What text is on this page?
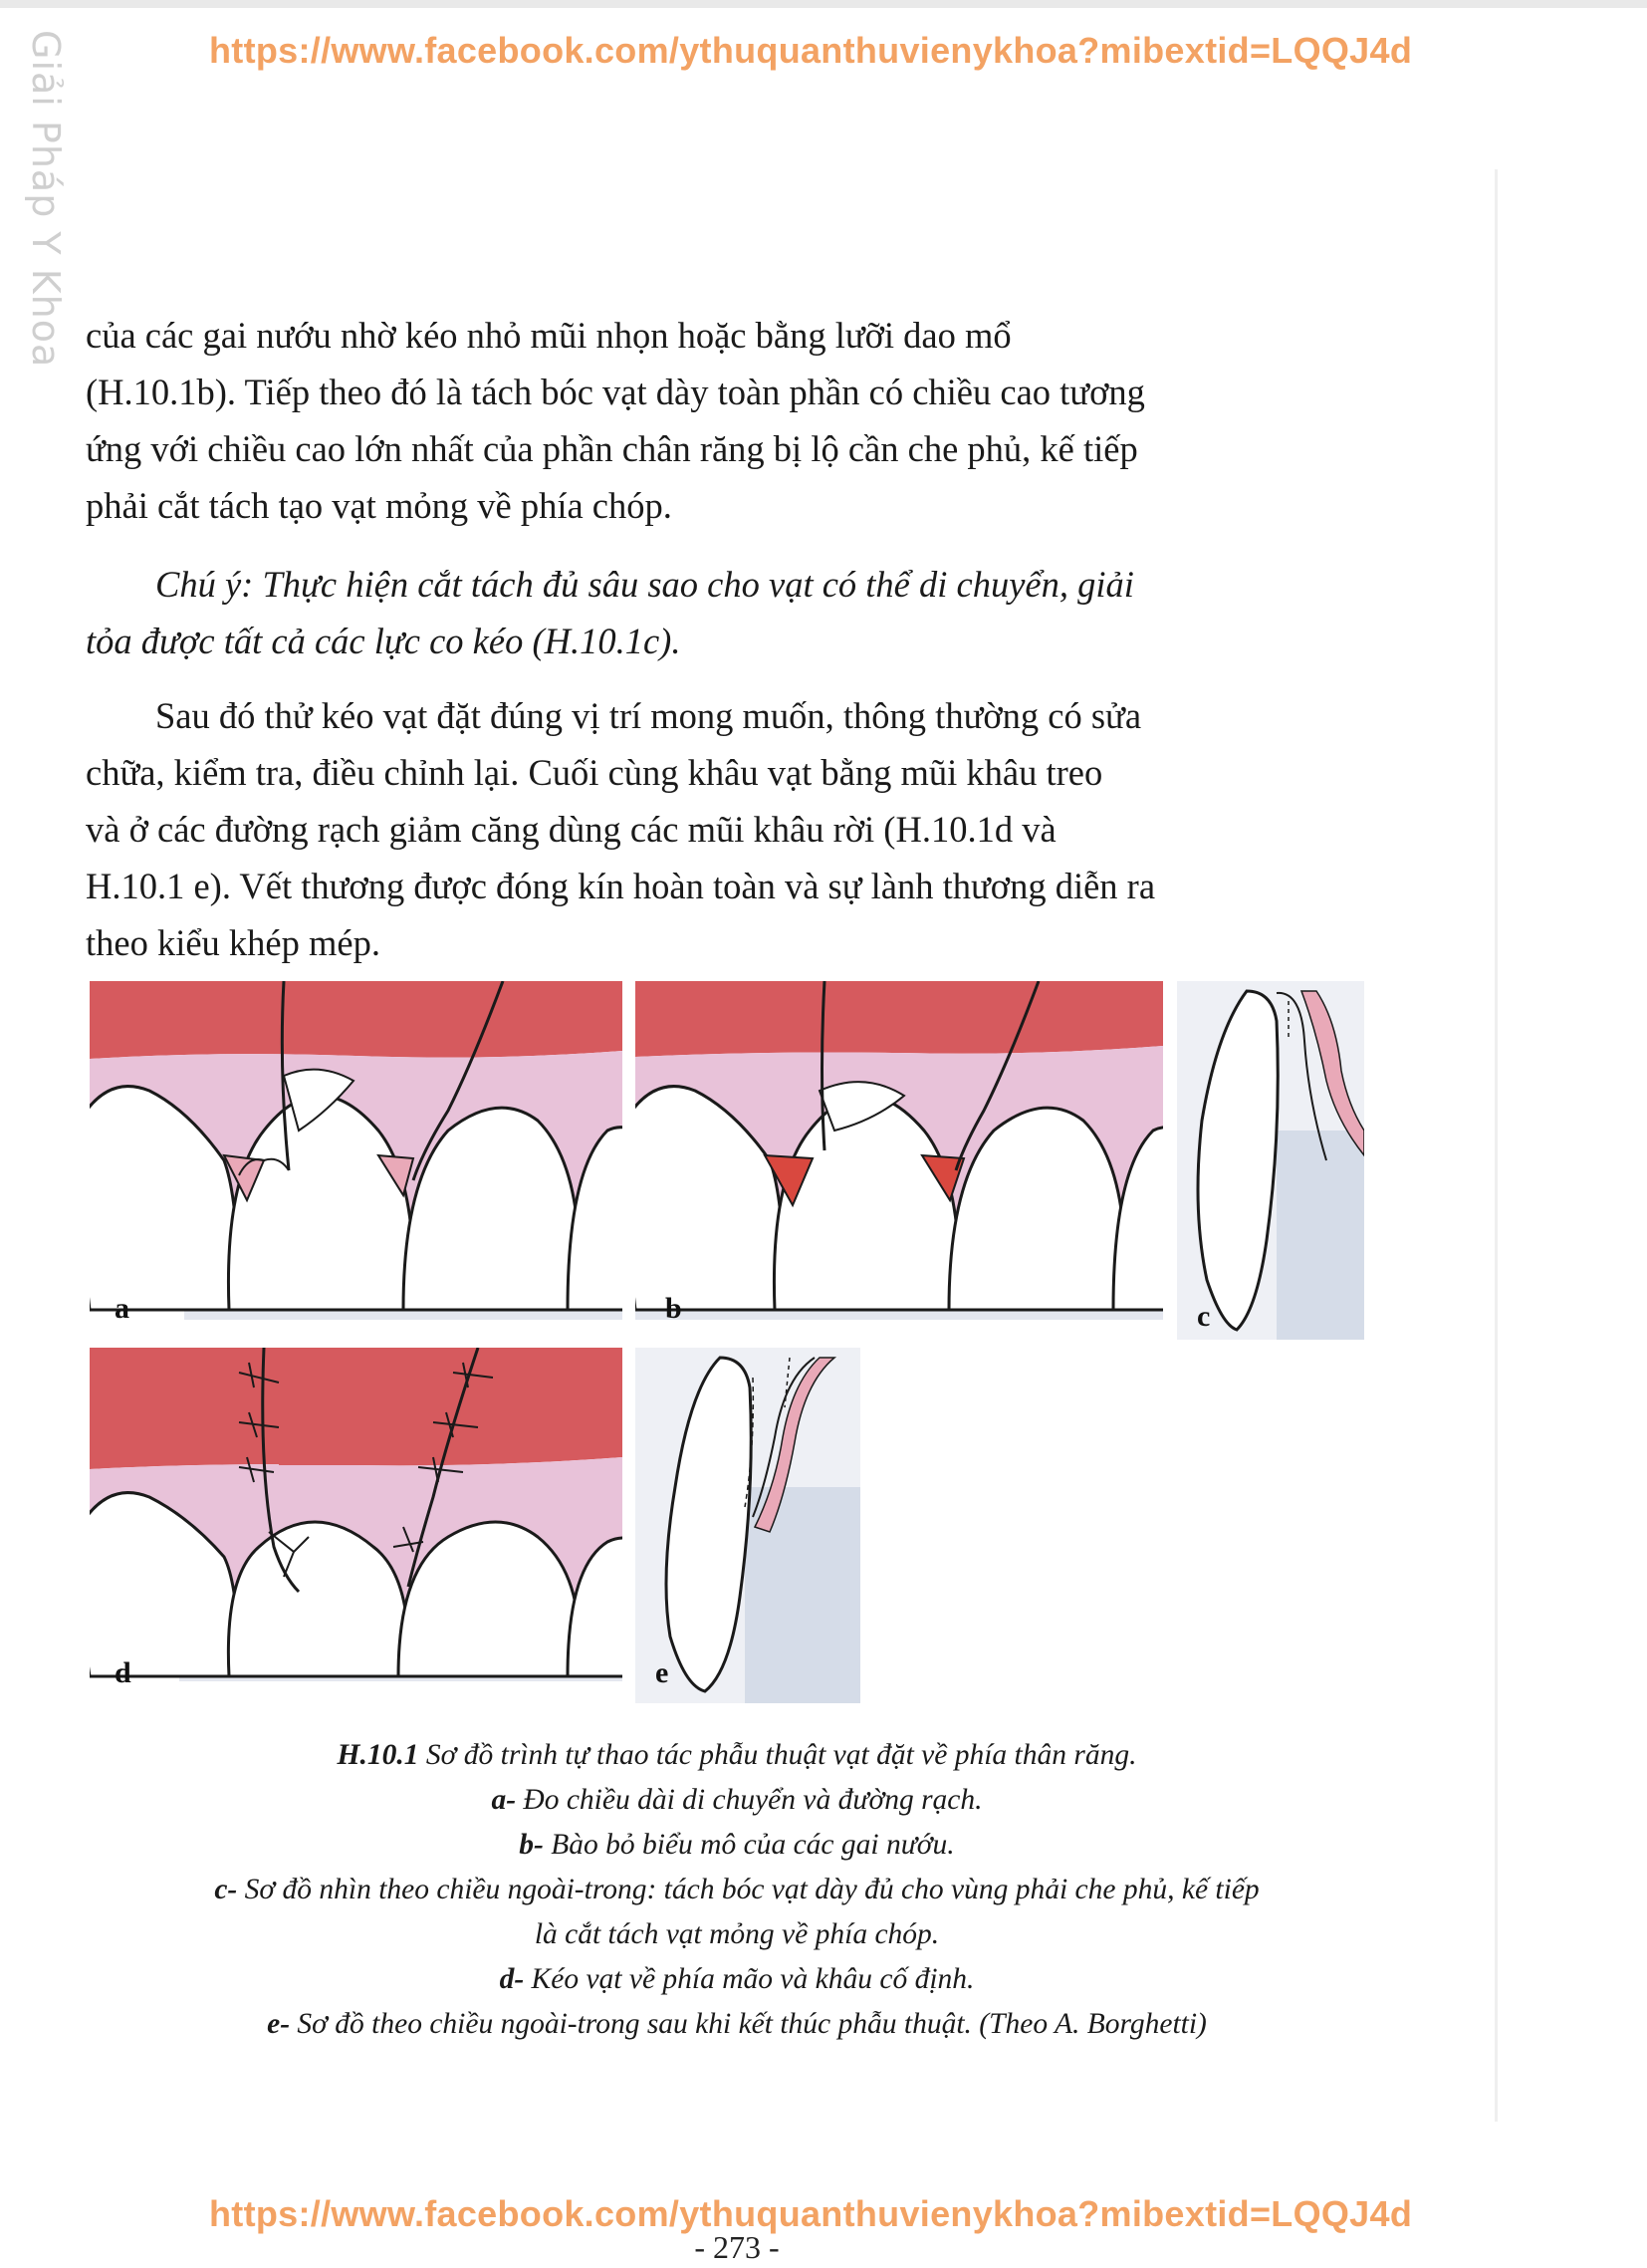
Giải Pháp Y Khoa	https://www.facebook.com/ythuquanthuvienykhoa?mibextid=LQQJ4d

của các gai nướu nhờ kéo nhỏ mũi nhọn hoặc bằng lưỡi dao mổ

(H.10.1b). Tiếp theo đó là tách bóc vạt dày toàn phần có chiều cao tương

ứng với chiều cao lớn nhất của phần chân răng bị lộ cần che phủ, kế tiếp

phải cắt tách tạo vạt mỏng về phía chóp.

Chú ý: Thực hiện cắt tách đủ sâu sao cho vạt có thể di chuyển, giải

tỏa được tất cả các lực co kéo (H.10.1c).

Sau đó thử kéo vạt đặt đúng vị trí mong muốn, thông thường có sửa

chữa, kiểm tra, điều chỉnh lại. Cuối cùng khâu vạt bằng mũi khâu treo

và ở các đường rạch giảm căng dùng các mũi khâu rời (H.10.1d và

H.10.1 e). Vết thương được đóng kín hoàn toàn và sự lành thương diễn ra

theo kiểu khép mép.

a	b	c
d	e
H.10.1 Sơ đồ trình tự thao tác phẫu thuật vạt đặt về phía thân răng.
a- Đo chiều dài di chuyển và đường rạch.
b- Bào bỏ biểu mô của các gai nướu.
c- Sơ đồ nhìn theo chiều ngoài-trong: tách bóc vạt dày đủ cho vùng phải che phủ, kế tiếp
là cắt tách vạt mỏng về phía chóp.
d- Kéo vạt về phía mão và khâu cố định.
e- Sơ đồ theo chiều ngoài-trong sau khi kết thúc phẫu thuật. (Theo A. Borghetti)
https://www.facebook.com/ythuquanthuvienykhoa?mibextid=LQQJ4d
- 273 -
